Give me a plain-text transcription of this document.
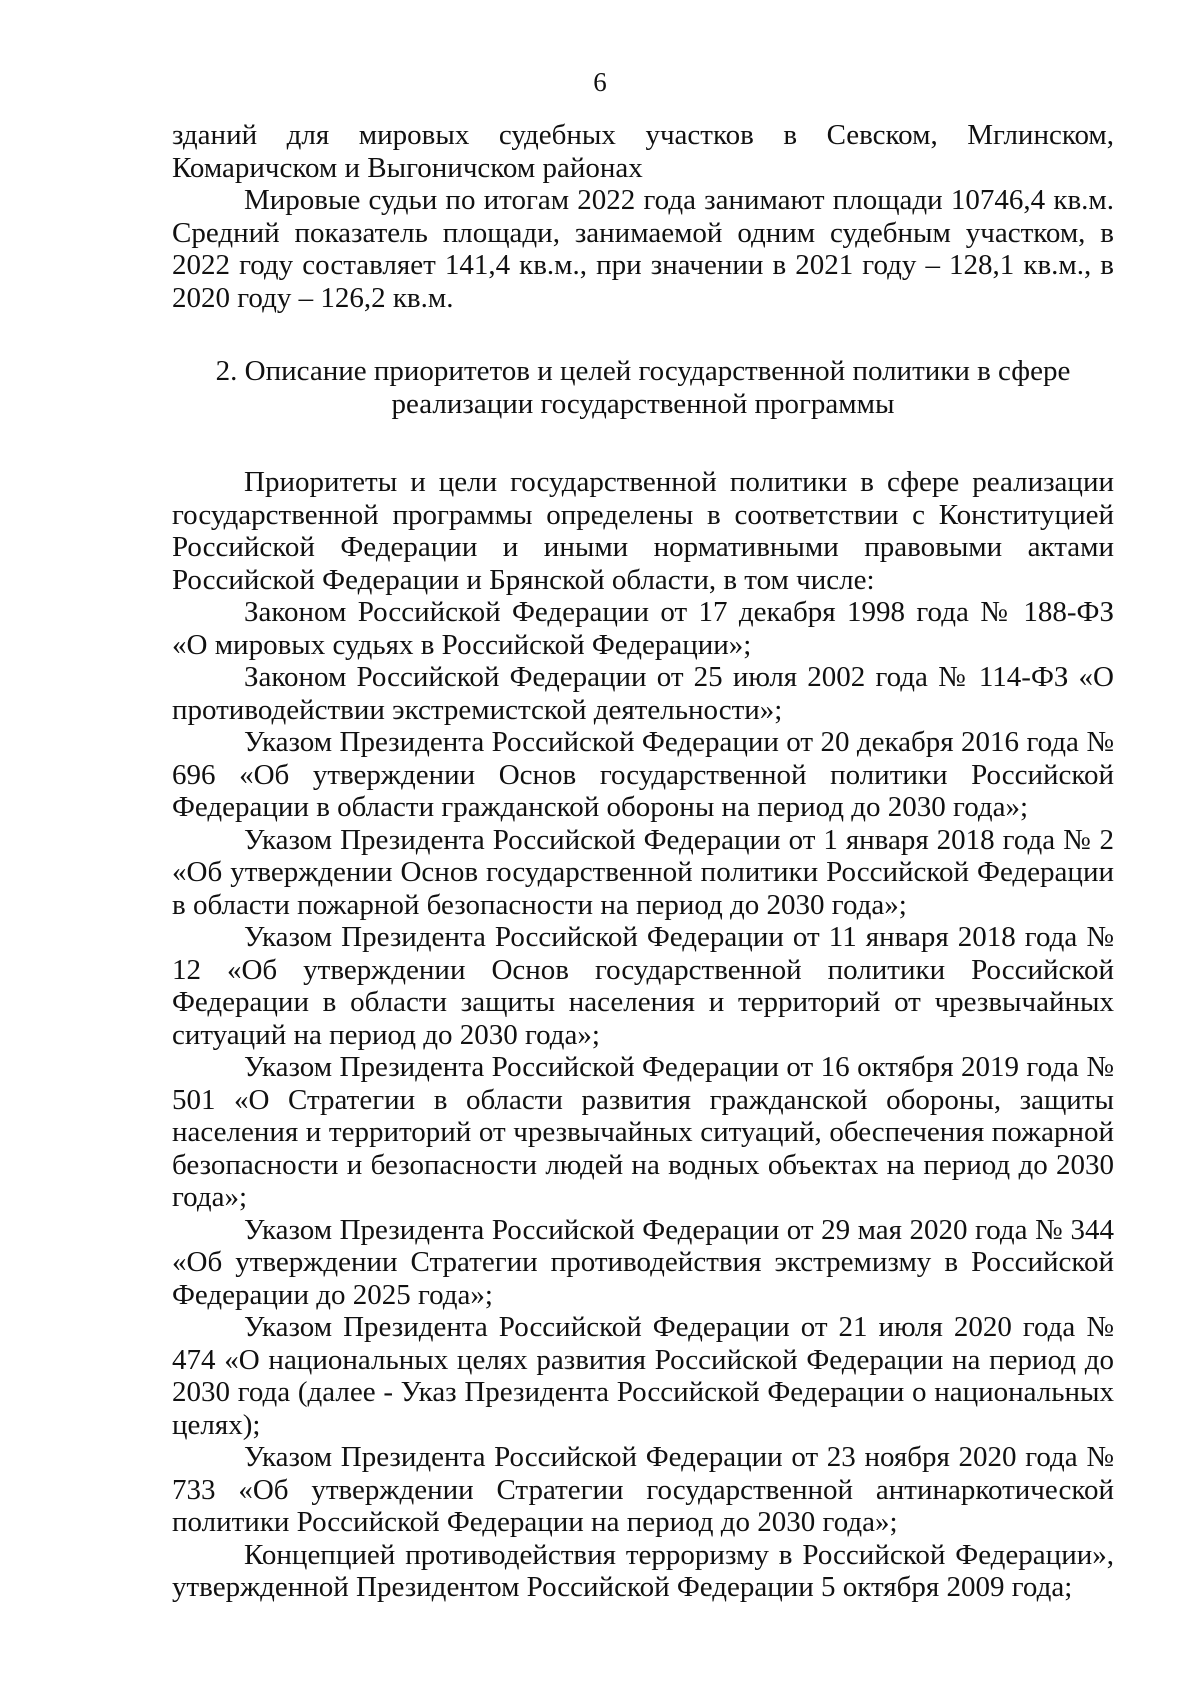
6

зданий для мировых судебных участков в Севском, Мглинском, Комаричском и Выгоничском районах

Мировые судьи по итогам 2022 года занимают площади 10746,4 кв.м. Средний показатель площади, занимаемой одним судебным участком, в 2022 году составляет 141,4 кв.м., при значении в 2021 году – 128,1 кв.м., в 2020 году – 126,2 кв.м.

2. Описание приоритетов и целей государственной политики в сфере
реализации государственной программы

Приоритеты и цели государственной политики в сфере реализации государственной программы определены в соответствии с Конституцией Российской Федерации и иными нормативными правовыми актами Российской Федерации и Брянской области, в том числе:

Законом Российской Федерации от 17 декабря 1998 года № 188-ФЗ «О мировых судьях в Российской Федерации»;

Законом Российской Федерации от 25 июля 2002 года № 114-ФЗ «О противодействии экстремистской деятельности»;

Указом Президента Российской Федерации от 20 декабря 2016 года № 696 «Об утверждении Основ государственной политики Российской Федерации в области гражданской обороны на период до 2030 года»;

Указом Президента Российской Федерации от 1 января 2018 года № 2 «Об утверждении Основ государственной политики Российской Федерации в области пожарной безопасности на период до 2030 года»;

Указом Президента Российской Федерации от 11 января 2018 года № 12 «Об утверждении Основ государственной политики Российской Федерации в области защиты населения и территорий от чрезвычайных ситуаций на период до 2030 года»;

Указом Президента Российской Федерации от 16 октября 2019 года № 501 «О Стратегии в области развития гражданской обороны, защиты населения и территорий от чрезвычайных ситуаций, обеспечения пожарной безопасности и безопасности людей на водных объектах на период до 2030 года»;

Указом Президента Российской Федерации от 29 мая 2020 года № 344 «Об утверждении Стратегии противодействия экстремизму в Российской Федерации до 2025 года»;

Указом Президента Российской Федерации от 21 июля 2020 года № 474 «О национальных целях развития Российской Федерации на период до 2030 года (далее - Указ Президента Российской Федерации о национальных целях);

Указом Президента Российской Федерации от 23 ноября 2020 года № 733 «Об утверждении Стратегии государственной антинаркотической политики Российской Федерации на период до 2030 года»;

Концепцией противодействия терроризму в Российской Федерации», утвержденной Президентом Российской Федерации 5 октября 2009 года;
